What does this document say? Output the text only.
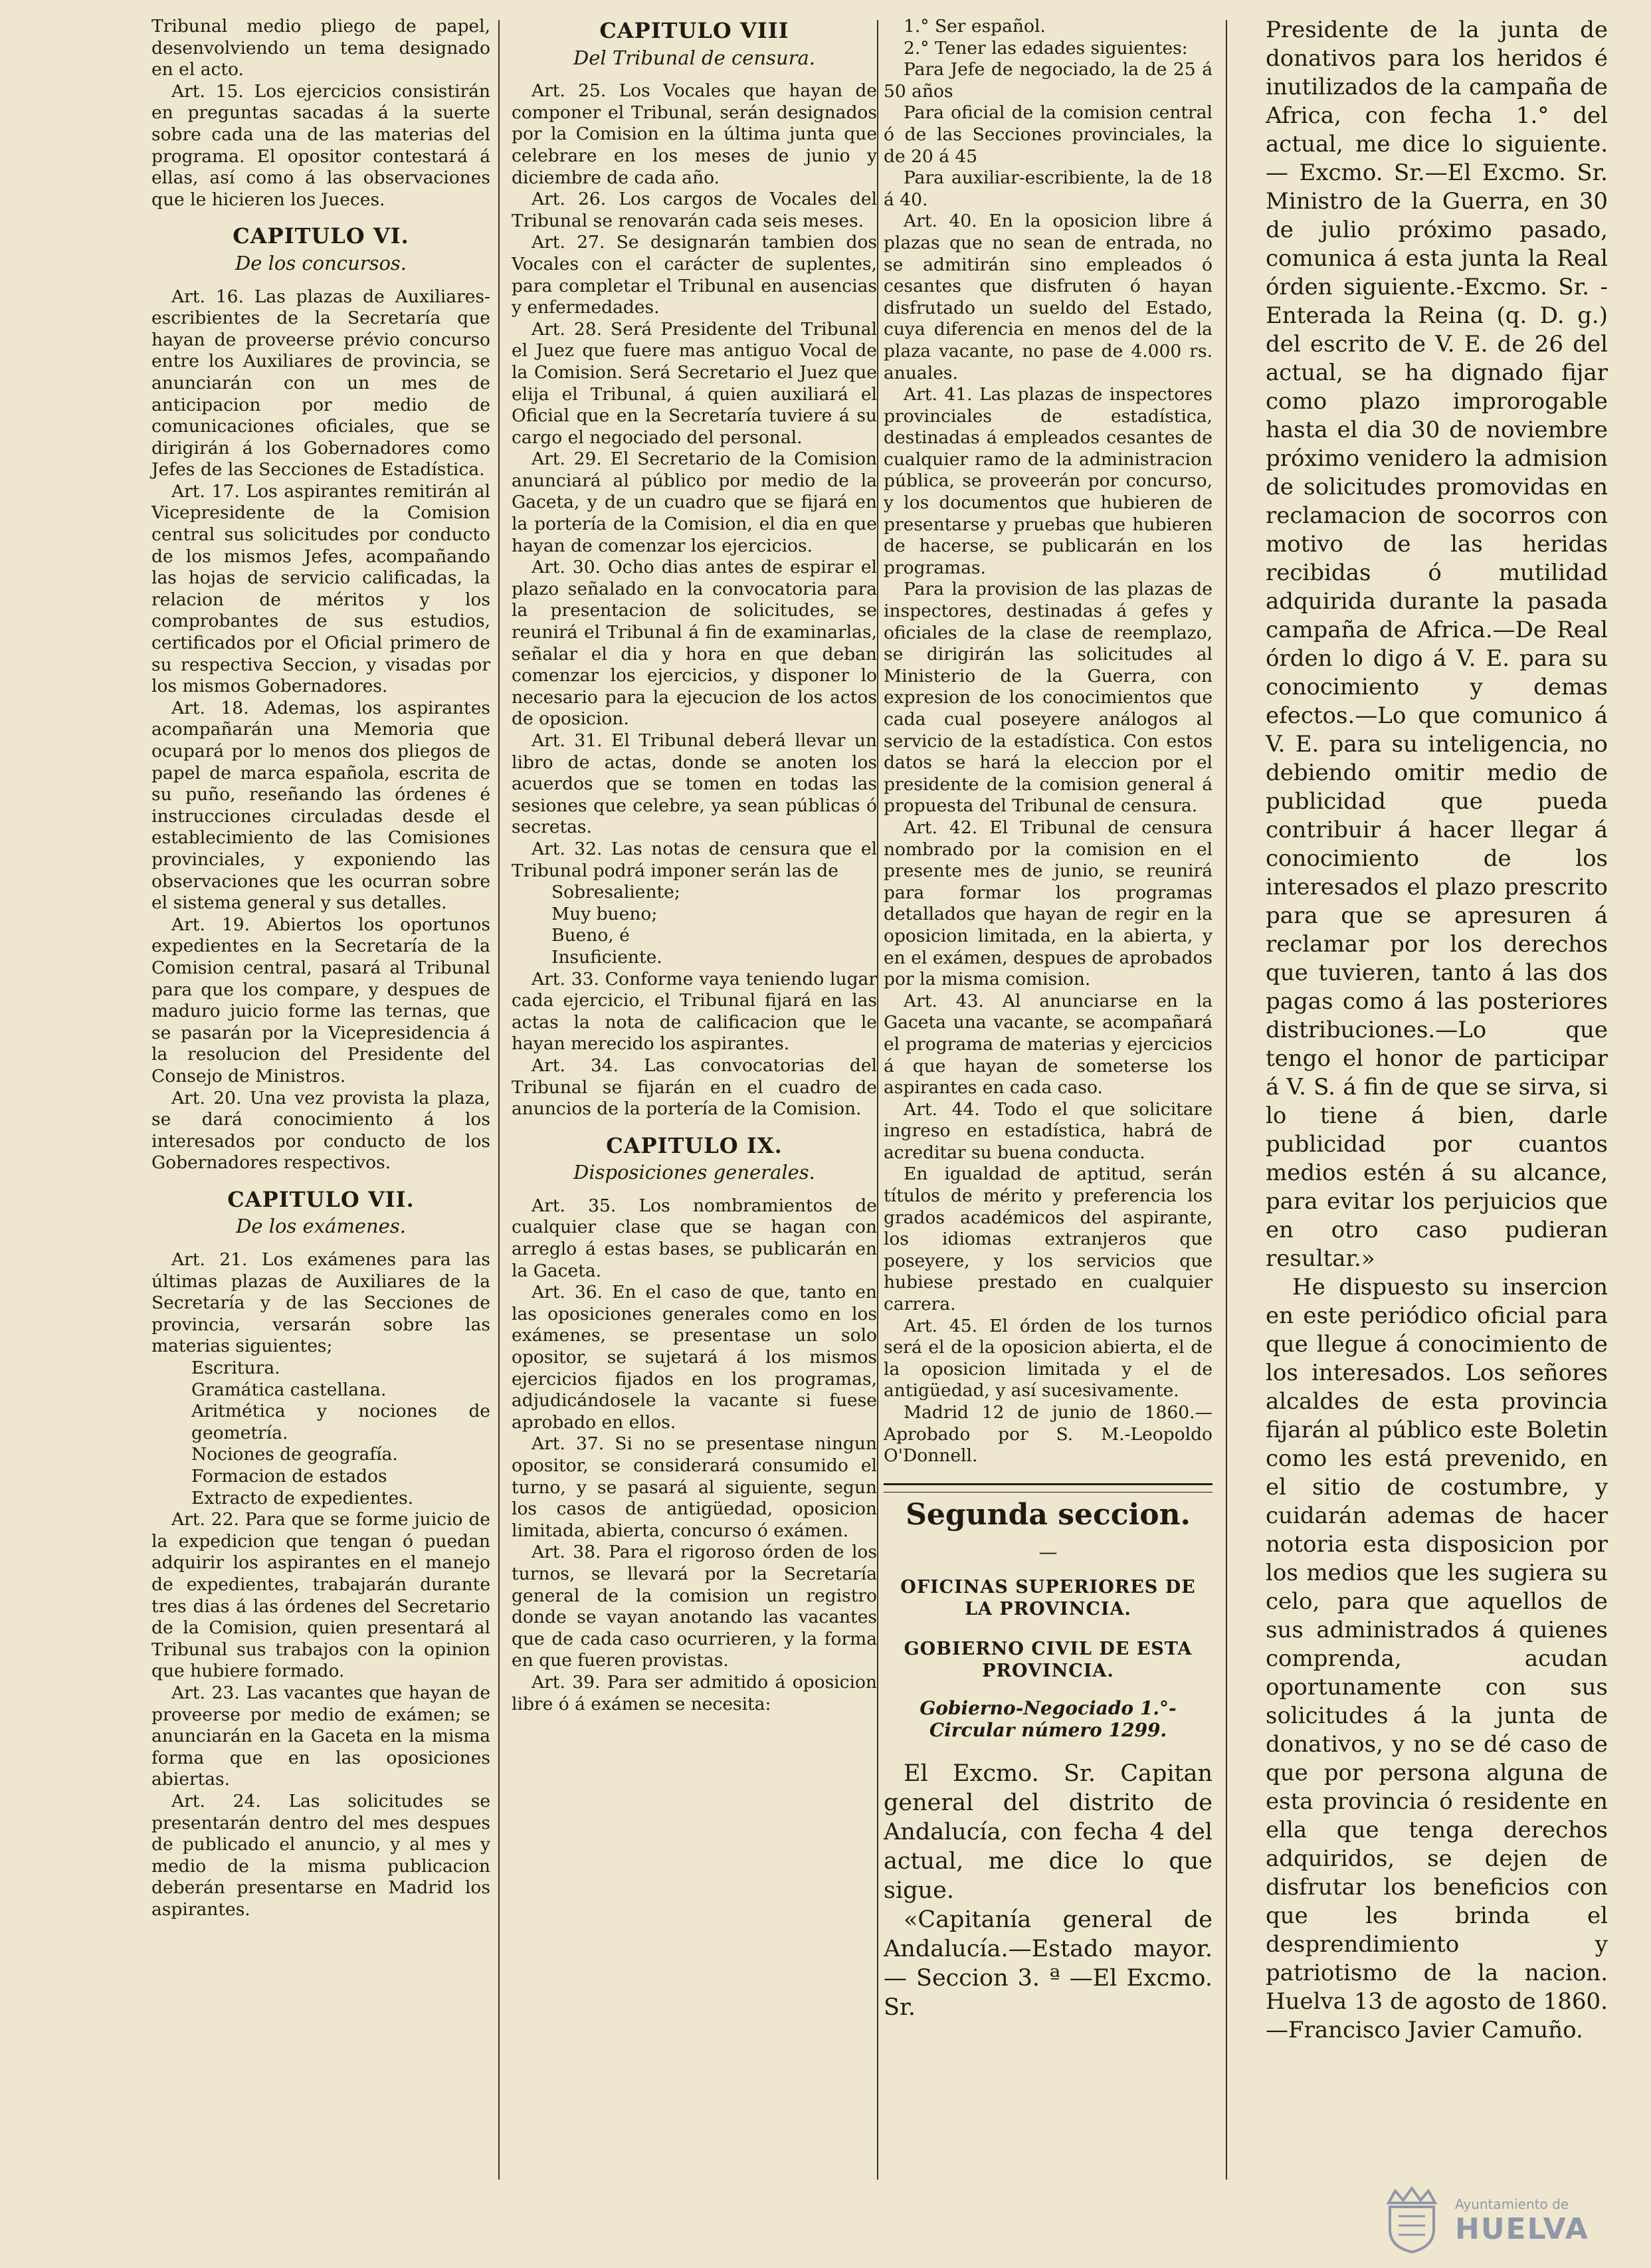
Tribunal medio pliego de papel, desenvolviendo un tema designado en el acto.

Art. 15. Los ejercicios consistirán en preguntas sacadas á la suerte sobre cada una de las materias del programa. El opositor contestará á ellas, así como á las observaciones que le hicieren los Jueces.

CAPITULO VI.
De los concursos.

Art. 16. Las plazas de Auxiliares-escribientes de la Secretaría que hayan de proveerse prévio concurso entre los Auxiliares de provincia, se anunciarán con un mes de anticipacion por medio de comunicaciones oficiales, que se dirigirán á los Gobernadores como Jefes de las Secciones de Estadística.

Art. 17. Los aspirantes remitirán al Vicepresidente de la Comision central sus solicitudes por conducto de los mismos Jefes, acompañando las hojas de servicio calificadas, la relacion de méritos y los comprobantes de sus estudios, certificados por el Oficial primero de su respectiva Seccion, y visadas por los mismos Gobernadores.

Art. 18. Ademas, los aspirantes acompañarán una Memoria que ocupará por lo menos dos pliegos de papel de marca española, escrita de su puño, reseñando las órdenes é instrucciones circuladas desde el establecimiento de las Comisiones provinciales, y exponiendo las observaciones que les ocurran sobre el sistema general y sus detalles.

Art. 19. Abiertos los oportunos expedientes en la Secretaría de la Comision central, pasará al Tribunal para que los compare, y despues de maduro juicio forme las ternas, que se pasarán por la Vicepresidencia á la resolucion del Presidente del Consejo de Ministros.

Art. 20. Una vez provista la plaza, se dará conocimiento á los interesados por conducto de los Gobernadores respectivos.

CAPITULO VII.
De los exámenes.

Art. 21. Los exámenes para las últimas plazas de Auxiliares de la Secretaría y de las Secciones de provincia, versarán sobre las materias siguientes;

Escritura.
Gramática castellana.
Aritmética y nociones de geometría.
Nociones de geografía.
Formacion de estados
Extracto de expedientes.

Art. 22. Para que se forme juicio de la expedicion que tengan ó puedan adquirir los aspirantes en el manejo de expedientes, trabajarán durante tres dias á las órdenes del Secretario de la Comision, quien presentará al Tribunal sus trabajos con la opinion que hubiere formado.

Art. 23. Las vacantes que hayan de proveerse por medio de exámen; se anunciarán en la Gaceta en la misma forma que en las oposiciones abiertas.

Art. 24. Las solicitudes se presentarán dentro del mes despues de publicado el anuncio, y al mes y medio de la misma publicacion deberán presentarse en Madrid los aspirantes.

CAPITULO VIII
Del Tribunal de censura.

Art. 25. Los Vocales que hayan de componer el Tribunal, serán designados por la Comision en la última junta que celebrare en los meses de junio y diciembre de cada año.

Art. 26. Los cargos de Vocales del Tribunal se renovarán cada seis meses.

Art. 27. Se designarán tambien dos Vocales con el carácter de suplentes, para completar el Tribunal en ausencias y enfermedades.

Art. 28. Será Presidente del Tribunal el Juez que fuere mas antiguo Vocal de la Comision. Será Secretario el Juez que elija el Tribunal, á quien auxiliará el Oficial que en la Secretaría tuviere á su cargo el negociado del personal.

Art. 29. El Secretario de la Comision anunciará al público por medio de la Gaceta, y de un cuadro que se fijará en la portería de la Comision, el dia en que hayan de comenzar los ejercicios.

Art. 30. Ocho dias antes de espirar el plazo señalado en la convocatoria para la presentacion de solicitudes, se reunirá el Tribunal á fin de examinarlas, señalar el dia y hora en que deban comenzar los ejercicios, y disponer lo necesario para la ejecucion de los actos de oposicion.

Art. 31. El Tribunal deberá llevar un libro de actas, donde se anoten los acuerdos que se tomen en todas las sesiones que celebre, ya sean públicas ó secretas.

Art. 32. Las notas de censura que el Tribunal podrá imponer serán las de

Sobresaliente;
Muy bueno;
Bueno, é
Insuficiente.

Art. 33. Conforme vaya teniendo lugar cada ejercicio, el Tribunal fijará en las actas la nota de calificacion que le hayan merecido los aspirantes.

Art. 34. Las convocatorias del Tribunal se fijarán en el cuadro de anuncios de la portería de la Comision.

CAPITULO IX.
Disposiciones generales.

Art. 35. Los nombramientos de cualquier clase que se hagan con arreglo á estas bases, se publicarán en la Gaceta.

Art. 36. En el caso de que, tanto en las oposiciones generales como en los exámenes, se presentase un solo opositor, se sujetará á los mismos ejercicios fijados en los programas, adjudicándosele la vacante si fuese aprobado en ellos.

Art. 37. Si no se presentase ningun opositor, se considerará consumido el turno, y se pasará al siguiente, segun los casos de antigüedad, oposicion limitada, abierta, concurso ó exámen.

Art. 38. Para el rigoroso órden de los turnos, se llevará por la Secretaría general de la comision un registro donde se vayan anotando las vacantes que de cada caso ocurrieren, y la forma en que fueren provistas.

Art. 39. Para ser admitido á oposicion libre ó á exámen se necesita:

1.° Ser español.

2.° Tener las edades siguientes:

Para Jefe de negociado, la de 25 á 50 años

Para oficial de la comision central ó de las Secciones provinciales, la de 20 á 45

Para auxiliar-escribiente, la de 18 á 40.

Art. 40. En la oposicion libre á plazas que no sean de entrada, no se admitirán sino empleados ó cesantes que disfruten ó hayan disfrutado un sueldo del Estado, cuya diferencia en menos del de la plaza vacante, no pase de 4.000 rs. anuales.

Art. 41. Las plazas de inspectores provinciales de estadística, destinadas á empleados cesantes de cualquier ramo de la administracion pública, se proveerán por concurso, y los documentos que hubieren de presentarse y pruebas que hubieren de hacerse, se publicarán en los programas.

Para la provision de las plazas de inspectores, destinadas á gefes y oficiales de la clase de reemplazo, se dirigirán las solicitudes al Ministerio de la Guerra, con expresion de los conocimientos que cada cual poseyere análogos al servicio de la estadística. Con estos datos se hará la eleccion por el presidente de la comision general á propuesta del Tribunal de censura.

Art. 42. El Tribunal de censura nombrado por la comision en el presente mes de junio, se reunirá para formar los programas detallados que hayan de regir en la oposicion limitada, en la abierta, y en el exámen, despues de aprobados por la misma comision.

Art. 43. Al anunciarse en la Gaceta una vacante, se acompañará el programa de materias y ejercicios á que hayan de someterse los aspirantes en cada caso.

Art. 44. Todo el que solicitare ingreso en estadística, habrá de acreditar su buena conducta.

En igualdad de aptitud, serán títulos de mérito y preferencia los grados académicos del aspirante, los idiomas extranjeros que poseyere, y los servicios que hubiese prestado en cualquier carrera.

Art. 45. El órden de los turnos será el de la oposicion abierta, el de la oposicion limitada y el de antigüedad, y así sucesivamente.

Madrid 12 de junio de 1860.— Aprobado por S. M.-Leopoldo O'Donnell.

Segunda seccion.
—
OFICINAS SUPERIORES DE LA PROVINCIA.
GOBIERNO CIVIL DE ESTA PROVINCIA.
Gobierno-Negociado 1.°-Circular número 1299.

El Excmo. Sr. Capitan general del distrito de Andalucía, con fecha 4 del actual, me dice lo que sigue.

«Capitanía general de Andalucía.—Estado mayor.— Seccion 3. ª —El Excmo. Sr.

Presidente de la junta de donativos para los heridos é inutilizados de la campaña de Africa, con fecha 1.° del actual, me dice lo siguiente.— Excmo. Sr.—El Excmo. Sr. Ministro de la Guerra, en 30 de julio próximo pasado, comunica á esta junta la Real órden siguiente.-Excmo. Sr. -Enterada la Reina (q. D. g.) del escrito de V. E. de 26 del actual, se ha dignado fijar como plazo improrogable hasta el dia 30 de noviembre próximo venidero la admision de solicitudes promovidas en reclamacion de socorros con motivo de las heridas recibidas ó mutilidad adquirida durante la pasada campaña de Africa.—De Real órden lo digo á V. E. para su conocimiento y demas efectos.—Lo que comunico á V. E. para su inteligencia, no debiendo omitir medio de publicidad que pueda contribuir á hacer llegar á conocimiento de los interesados el plazo prescrito para que se apresuren á reclamar por los derechos que tuvieren, tanto á las dos pagas como á las posteriores distribuciones.—Lo que tengo el honor de participar á V. S. á fin de que se sirva, si lo tiene á bien, darle publicidad por cuantos medios estén á su alcance, para evitar los perjuicios que en otro caso pudieran resultar.»

He dispuesto su insercion en este periódico oficial para que llegue á conocimiento de los interesados. Los señores alcaldes de esta provincia fijarán al público este Boletin como les está prevenido, en el sitio de costumbre, y cuidarán ademas de hacer notoria esta disposicion por los medios que les sugiera su celo, para que aquellos de sus administrados á quienes comprenda, acudan oportunamente con sus solicitudes á la junta de donativos, y no se dé caso de que por persona alguna de esta provincia ó residente en ella que tenga derechos adquiridos, se dejen de disfrutar los beneficios con que les brinda el desprendimiento y patriotismo de la nacion. Huelva 13 de agosto de 1860.—Francisco Javier Camuño.

Ayuntamiento de
HUELVA
